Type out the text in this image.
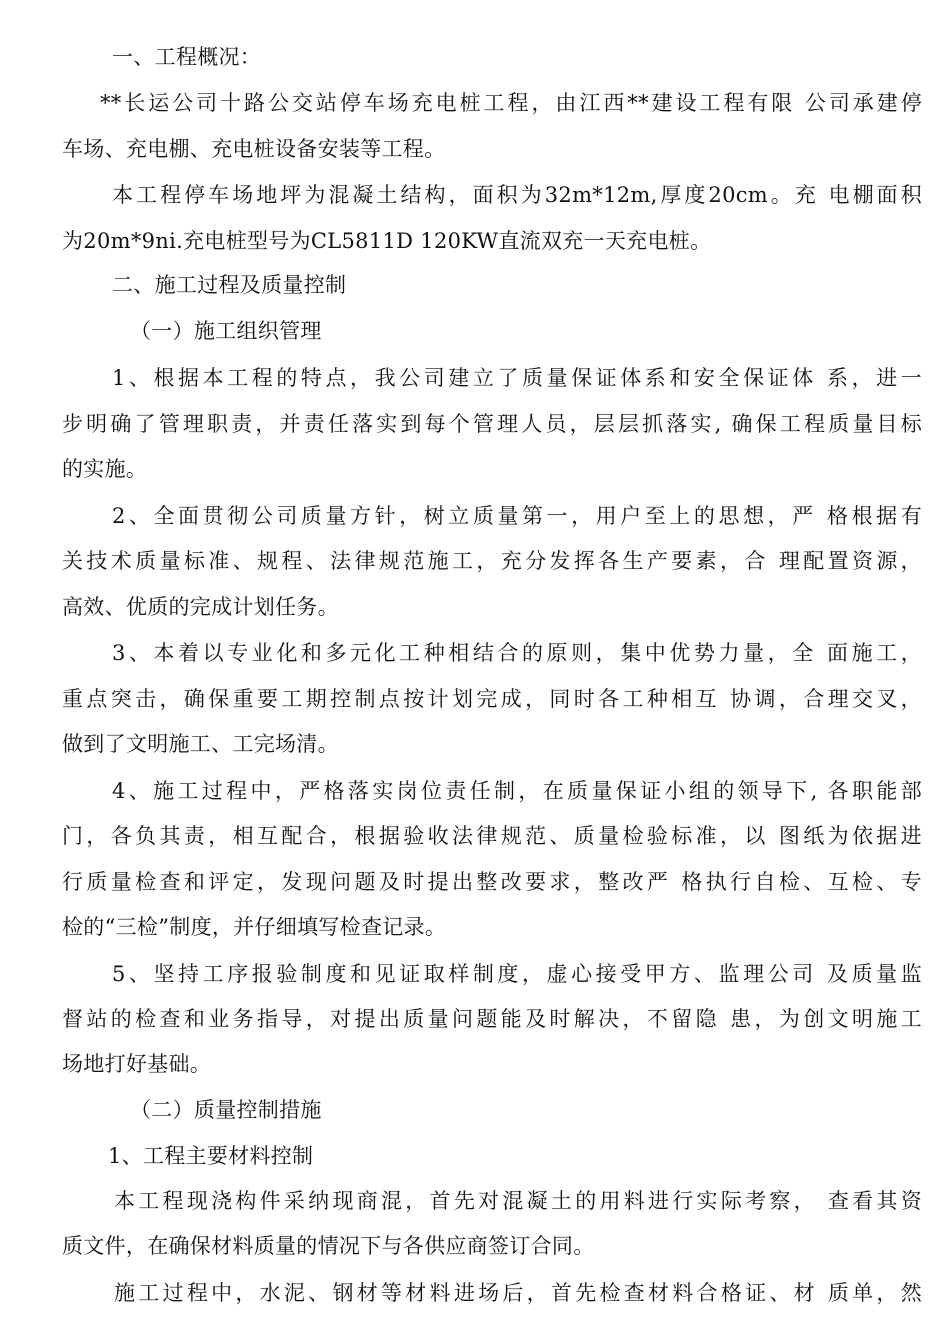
一、工程概况：
**长运公司十路公交站停车场充电桩工程，由江西**建设工程有限 公司承建停
车场、充电棚、充电桩设备安装等工程。
本工程停车场地坪为混凝土结构，面积为32m*12m,厚度20cm。充 电棚面积
为20m*9ni.充电桩型号为CL5811D 120KW直流双充一天充电桩。
二、施工过程及质量控制
（一）施工组织管理
1、根据本工程的特点，我公司建立了质量保证体系和安全保证体 系，进一
步明确了管理职责，并责任落实到每个管理人员，层层抓落实, 确保工程质量目标
的实施。
2、全面贯彻公司质量方针，树立质量第一，用户至上的思想，严 格根据有
关技术质量标准、规程、法律规范施工，充分发挥各生产要素，合 理配置资源，
高效、优质的完成计划任务。
3、本着以专业化和多元化工种相结合的原则，集中优势力量，全 面施工，
重点突击，确保重要工期控制点按计划完成，同时各工种相互 协调，合理交叉，
做到了文明施工、工完场清。
4、施工过程中，严格落实岗位责任制，在质量保证小组的领导下, 各职能部
门，各负其责，相互配合，根据验收法律规范、质量检验标准，以 图纸为依据进
行质量检查和评定，发现问题及时提出整改要求，整改严 格执行自检、互检、专
检的“三检”制度，并仔细填写检查记录。
5、坚持工序报验制度和见证取样制度，虚心接受甲方、监理公司 及质量监
督站的检查和业务指导，对提出质量问题能及时解决，不留隐 患，为创文明施工
场地打好基础。
（二）质量控制措施
1、工程主要材料控制
本工程现浇构件采纳现商混，首先对混凝土的用料进行实际考察， 查看其资
质文件，在确保材料质量的情况下与各供应商签订合同。
施工过程中，水泥、钢材等材料进场后，首先检查材料合格证、材 质单，然
